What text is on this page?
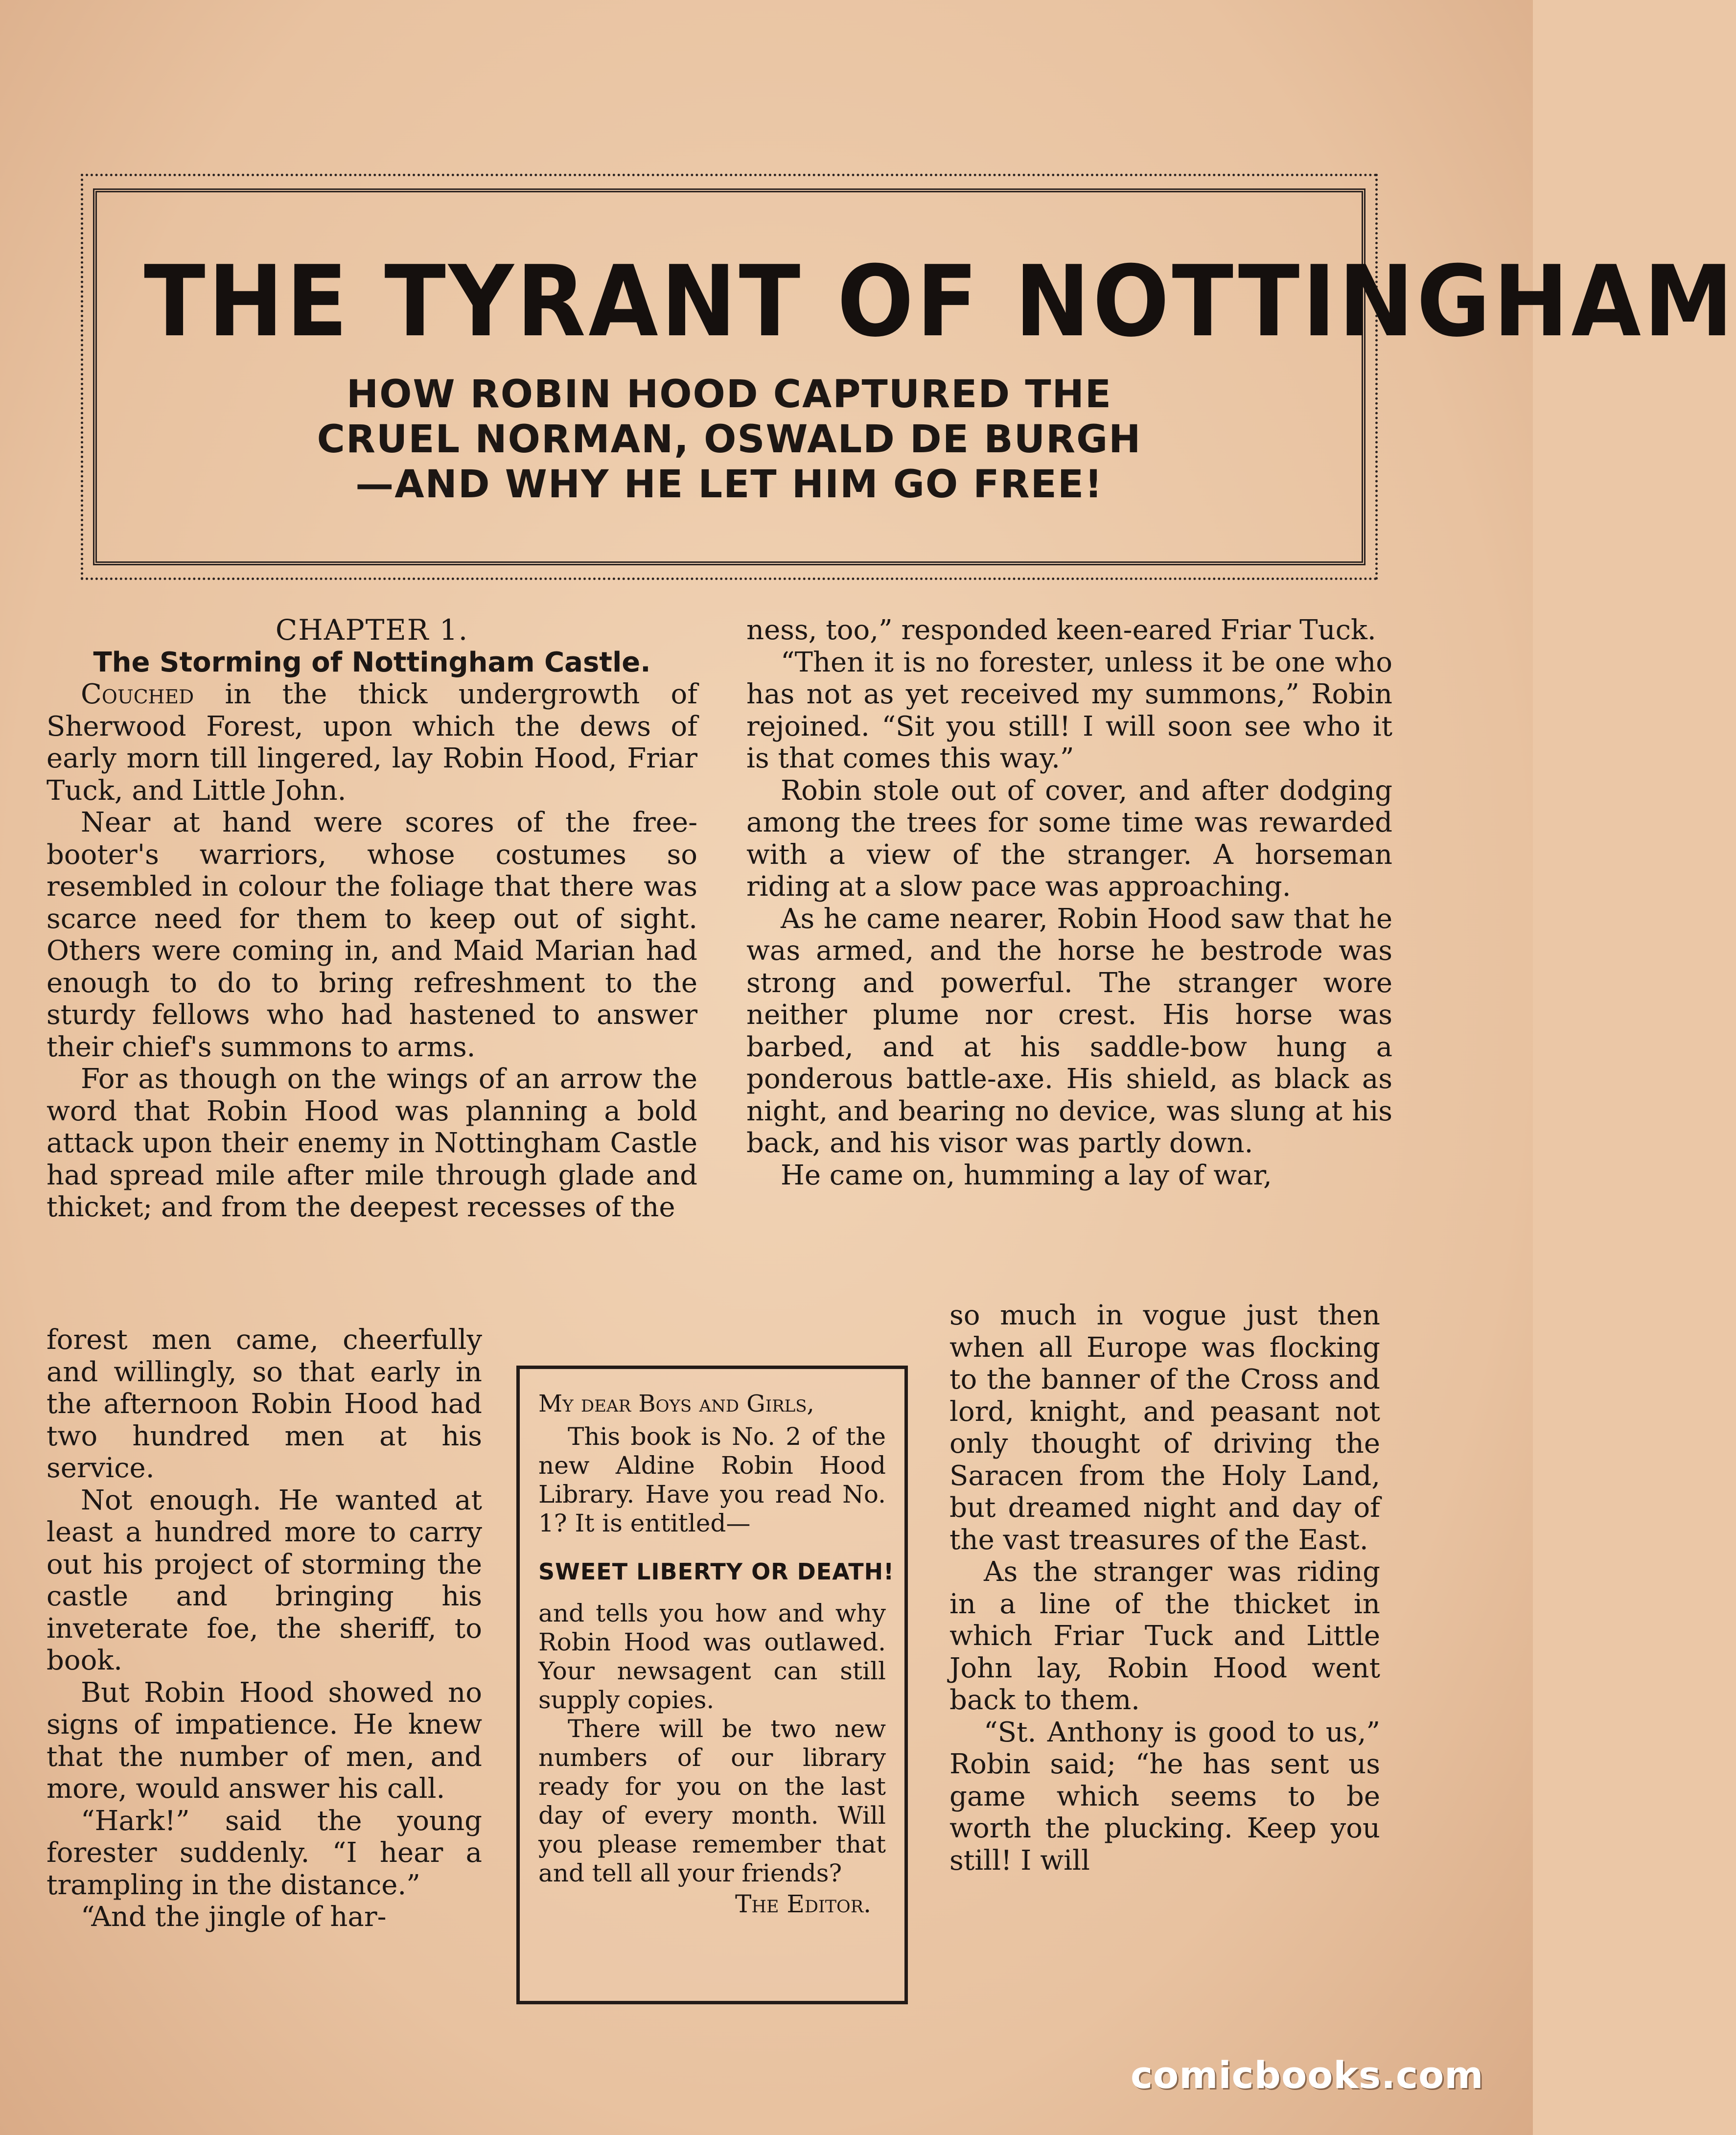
THE TYRANT OF NOTTINGHAM
HOW ROBIN HOOD CAPTURED THE
CRUEL NORMAN, OSWALD DE BURGH
—AND WHY HE LET HIM GO FREE!

CHAPTER 1.

The Storming of Nottingham Castle.

Couched in the thick undergrowth of Sherwood Forest, upon which the dews of early morn till lingered, lay Robin Hood, Friar Tuck, and Little John.

Near at hand were scores of the free-booter's warriors, whose costumes so resembled in colour the foliage that there was scarce need for them to keep out of sight. Others were coming in, and Maid Marian had enough to do to bring refreshment to the sturdy fellows who had hastened to answer their chief's summons to arms.

For as though on the wings of an arrow the word that Robin Hood was planning a bold attack upon their enemy in Nottingham Castle had spread mile after mile through glade and thicket; and from the deepest recesses of the

forest men came, cheerfully and willingly, so that early in the afternoon Robin Hood had two hundred men at his service.

Not enough. He wanted at least a hundred more to carry out his project of storming the castle and bringing his inveterate foe, the sheriff, to book.

But Robin Hood showed no signs of impatience. He knew that the number of men, and more, would answer his call.

“Hark!” said the young forester suddenly. “I hear a trampling in the distance.”

“And the jingle of har-

ness, too,” responded keen-eared Friar Tuck.

“Then it is no forester, unless it be one who has not as yet received my summons,” Robin rejoined. “Sit you still! I will soon see who it is that comes this way.”

Robin stole out of cover, and after dodging among the trees for some time was rewarded with a view of the stranger. A horseman riding at a slow pace was approaching.

As he came nearer, Robin Hood saw that he was armed, and the horse he bestrode was strong and powerful. The stranger wore neither plume nor crest. His horse was barbed, and at his saddle-bow hung a ponderous battle-axe. His shield, as black as night, and bearing no device, was slung at his back, and his visor was partly down.

He came on, humming a lay of war,

so much in vogue just then when all Europe was flocking to the banner of the Cross and lord, knight, and peasant not only thought of driving the Saracen from the Holy Land, but dreamed night and day of the vast treasures of the East.

As the stranger was riding in a line of the thicket in which Friar Tuck and Little John lay, Robin Hood went back to them.

“St. Anthony is good to us,” Robin said; “he has sent us game which seems to be worth the plucking. Keep you still! I will

My dear Boys and Girls,

This book is No. 2 of the new Aldine Robin Hood Library. Have you read No. 1? It is entitled—

SWEET LIBERTY OR DEATH!

and tells you how and why Robin Hood was outlawed. Your newsagent can still supply copies.

There will be two new numbers of our library ready for you on the last day of every month. Will you please remember that and tell all your friends?

The Editor.

comicbooks.com
